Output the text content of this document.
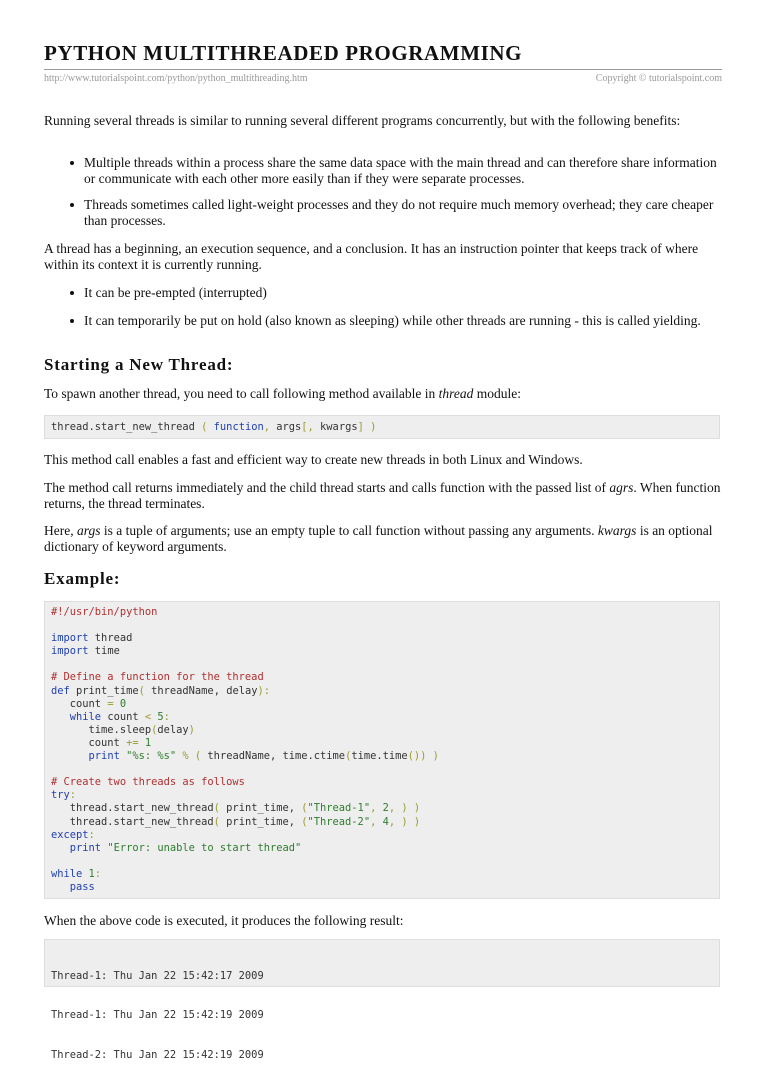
PYTHON MULTITHREADED PROGRAMMING
http://www.tutorialspoint.com/python/python_multithreading.htm	Copyright © tutorialspoint.com

Running several threads is similar to running several different programs concurrently, but with the following benefits:

Multiple threads within a process share the same data space with the main thread and can therefore share information or communicate with each other more easily than if they were separate processes.
Threads sometimes called light-weight processes and they do not require much memory overhead; they care cheaper than processes.

A thread has a beginning, an execution sequence, and a conclusion. It has an instruction pointer that keeps track of where within its context it is currently running.

It can be pre-empted (interrupted)
It can temporarily be put on hold (also known as sleeping) while other threads are running - this is called yielding.
Starting a New Thread:

To spawn another thread, you need to call following method available in thread module:

thread.start_new_thread ( function, args[, kwargs] )

This method call enables a fast and efficient way to create new threads in both Linux and Windows.

The method call returns immediately and the child thread starts and calls function with the passed list of agrs. When function returns, the thread terminates.

Here, args is a tuple of arguments; use an empty tuple to call function without passing any arguments. kwargs is an optional dictionary of keyword arguments.

Example:
#!/usr/bin/python
import thread
import time
# Define a function for the thread
def print_time( threadName, delay):
count = 0
while count < 5:
time.sleep(delay)
count += 1
print "%s: %s" % ( threadName, time.ctime(time.time()) )
# Create two threads as follows
try:
thread.start_new_thread( print_time, ("Thread-1", 2, ) )
thread.start_new_thread( print_time, ("Thread-2", 4, ) )
except:
print "Error: unable to start thread"
while 1:
pass

When the above code is executed, it produces the following result:

Thread-1: Thu Jan 22 15:42:17 2009

Thread-1: Thu Jan 22 15:42:19 2009

Thread-2: Thu Jan 22 15:42:19 2009
